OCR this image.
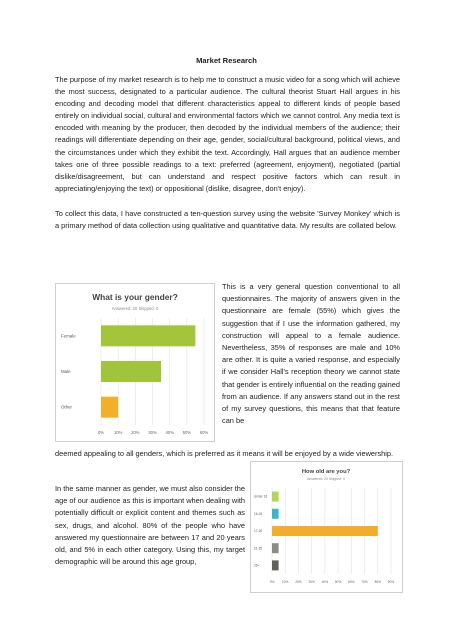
Market Research

The purpose of my market research is to help me to construct a music video for a song which will achieve the most success, designated to a particular audience. The cultural theorist Stuart Hall argues in his encoding and decoding model that different characteristics appeal to different kinds of people based entirely on individual social, cultural and environmental factors which we cannot control. Any media text is encoded with meaning by the producer, then decoded by the individual members of the audience; their readings will differentiate depending on their age, gender, social/cultural background, political views, and the circumstances under which they exhibit the text. Accordingly, Hall argues that an audience member takes one of three possible readings to a text: preferred (agreement, enjoyment), negotiated (partial dislike/disagreement, but can understand and respect positive factors which can result in appreciating/enjoying the text) or oppositional (dislike, disagree, don't enjoy).

To collect this data, I have constructed a ten-question survey using the website 'Survey Monkey' which is a primary method of data collection using qualitative and quantitative data. My results are collated below.

What is your gender?
Answered: 20 Skipped: 0
0% 10% 20% 30% 40% 50% 60%
Female
Male
Other

This is a very general question conventional to all questionnaires. The majority of answers given in the questionnaire are female (55%) which gives the suggestion that if I use the information gathered, my construction will appeal to a female audience. Nevertheless, 35% of responses are male and 10% are other. It is quite a varied response, and especially if we consider Hall's reception theory we cannot state that gender is entirely influential on the reading gained from an audience. If any answers stand out in the rest of my survey questions, this means that that feature can be

deemed appealing to all genders, which is preferred as it means it will be enjoyed by a wide viewership.

In the same manner as gender, we must also consider the age of our audience as this is important when dealing with potentially difficult or explicit content and themes such as sex, drugs, and alcohol. 80% of the people who have answered my questionnaire are between 17 and 20 years old, and 5% in each other category. Using this, my target demographic will be around this age group,

How old are you?
Answered: 20 Skipped: 0
0% 10% 20% 30% 40% 50% 60% 70% 80% 90%
Under 16
16-16
17-20
21-25
26+
